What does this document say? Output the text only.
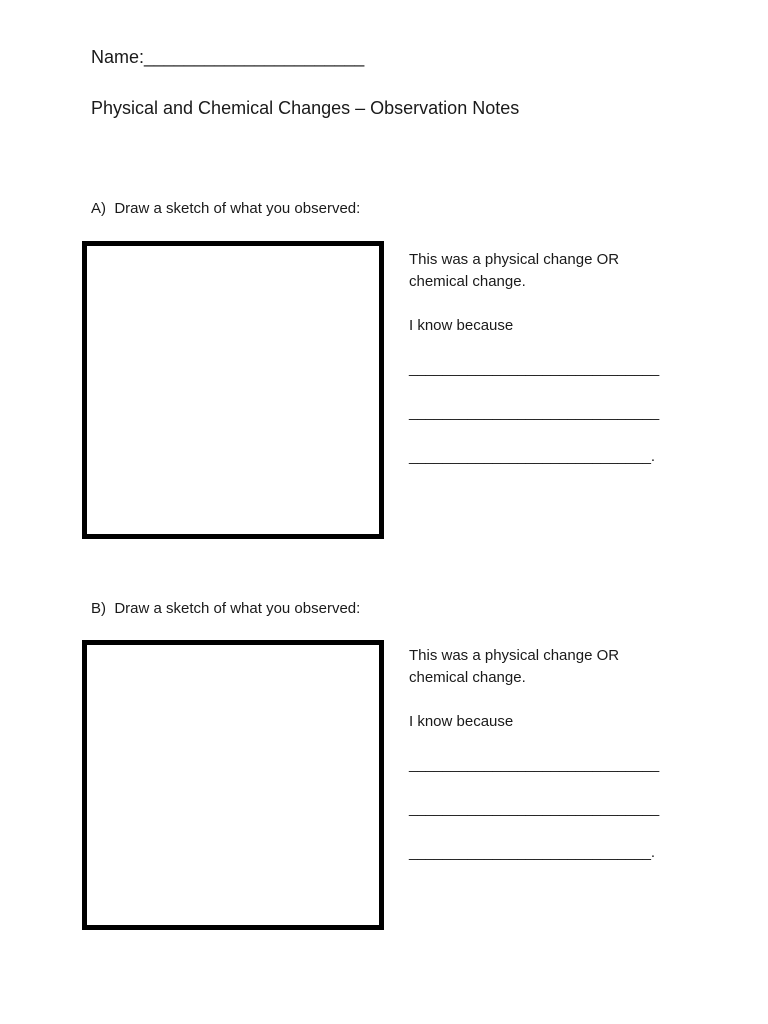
Name:______________________
Physical and Chemical Changes – Observation Notes
A)  Draw a sketch of what you observed:
This was a physical change OR
chemical change.
I know because
______________________________
______________________________
_____________________________.
B)  Draw a sketch of what you observed:
This was a physical change OR
chemical change.
I know because
______________________________
______________________________
_____________________________.
